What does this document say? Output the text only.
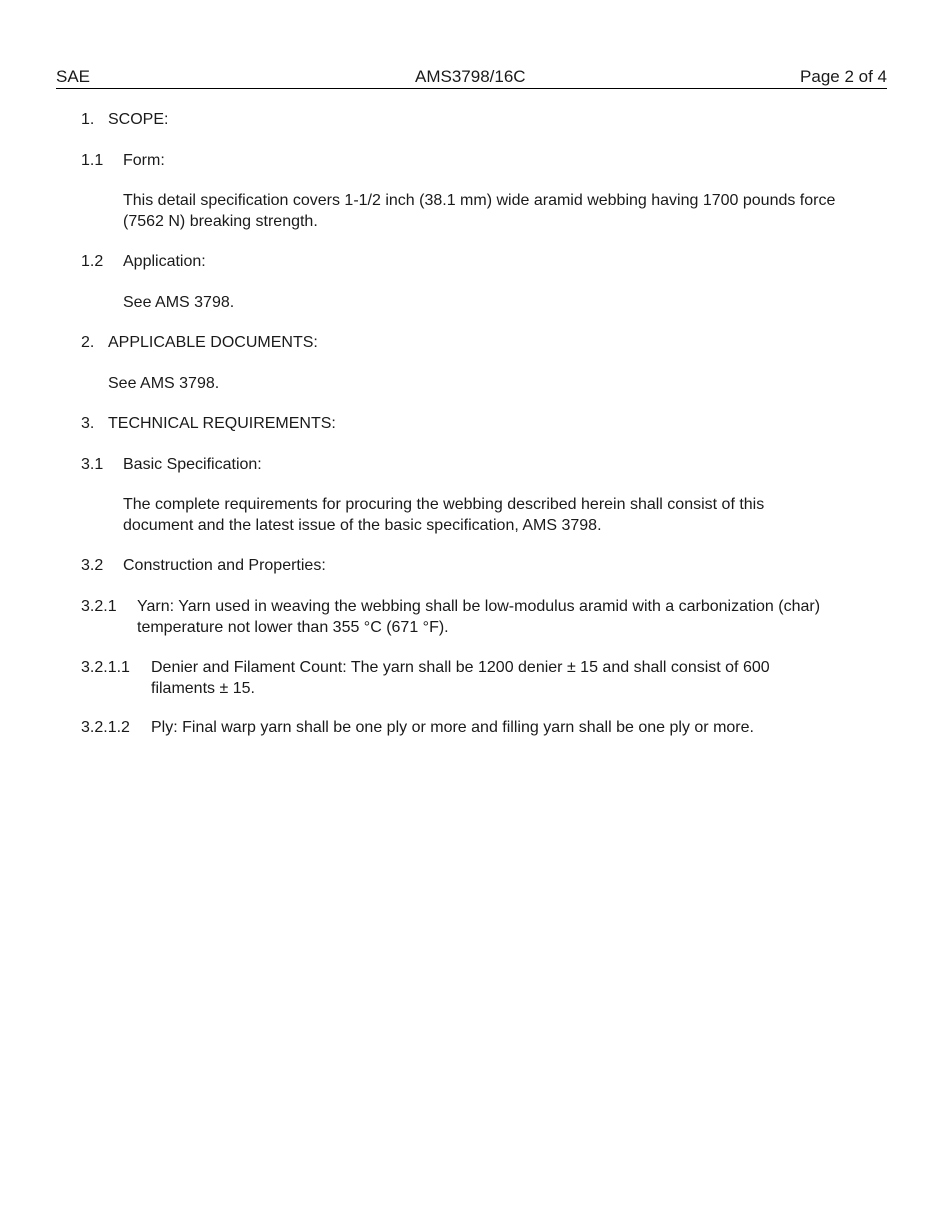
SAE	AMS3798/16C	Page 2 of 4
1. SCOPE:
1.1 Form:
This detail specification covers 1-1/2 inch (38.1 mm) wide aramid webbing having 1700 pounds force (7562 N) breaking strength.
1.2 Application:
See AMS 3798.
2. APPLICABLE DOCUMENTS:
See AMS 3798.
3. TECHNICAL REQUIREMENTS:
3.1 Basic Specification:
The complete requirements for procuring the webbing described herein shall consist of this document and the latest issue of the basic specification, AMS 3798.
3.2 Construction and Properties:
3.2.1 Yarn: Yarn used in weaving the webbing shall be low-modulus aramid with a carbonization (char) temperature not lower than 355 °C (671 °F).
3.2.1.1 Denier and Filament Count: The yarn shall be 1200 denier ± 15 and shall consist of 600 filaments ± 15.
3.2.1.2 Ply: Final warp yarn shall be one ply or more and filling yarn shall be one ply or more.
